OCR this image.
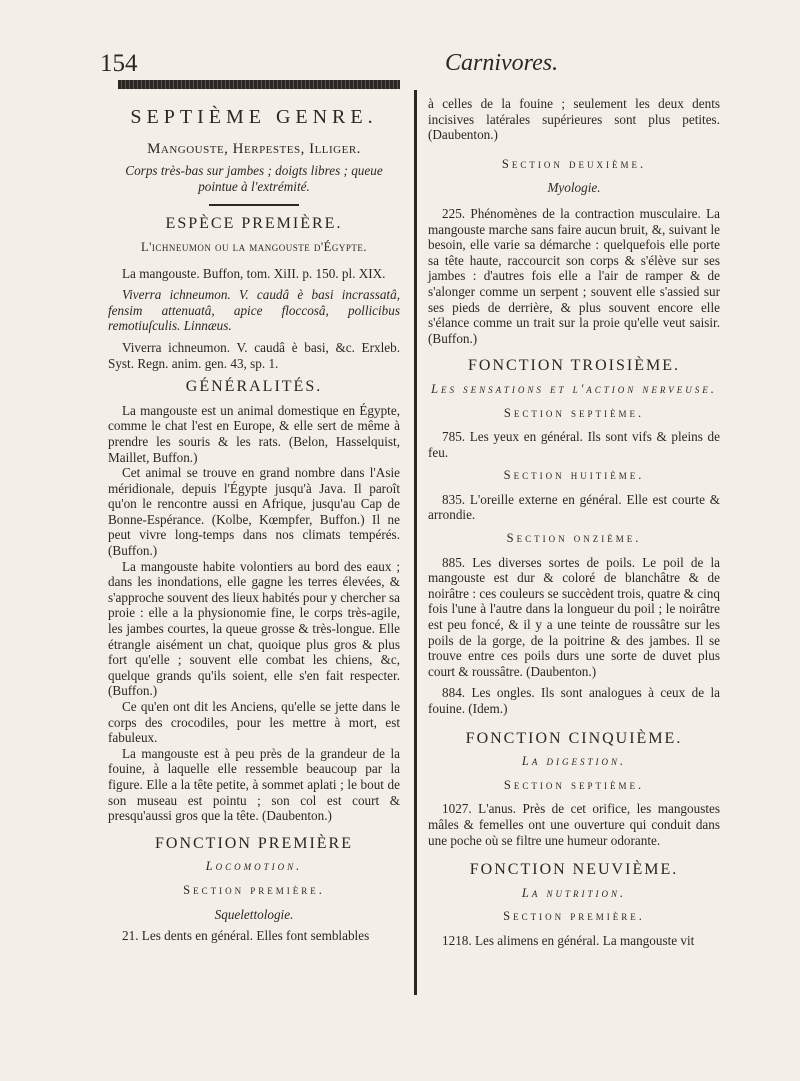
154	Carnivores.
SEPTIÈME GENRE.

Mangouste, Herpestes, Illiger.

Corps très-bas sur jambes ; doigts libres ; queue pointue à l'extrémité.

ESPÈCE PREMIÈRE.

L'ichneumon ou la mangouste d'Égypte.

La mangouste. Buffon, tom. XiII. p. 150. pl. XIX.

Viverra ichneumon. V. caudâ è basi incrassatâ, fensim attenuatâ, apice floccosâ, pollicibus remotiuſculis. Linnæus.

Viverra ichneumon. V. caudâ è basi, &c. Erxleb. Syst. Regn. anim. gen. 43, sp. 1.

GÉNÉRALITÉS.

La mangouste est un animal domestique en Égypte, comme le chat l'est en Europe, & elle sert de même à prendre les souris & les rats. (Belon, Hasselquist, Maillet, Buffon.)

Cet animal se trouve en grand nombre dans l'Asie méridionale, depuis l'Égypte jusqu'à Java. Il paroît qu'on le rencontre aussi en Afrique, jusqu'au Cap de Bonne-Espérance. (Kolbe, Kœmpfer, Buffon.) Il ne peut vivre long-temps dans nos climats tempérés. (Buffon.)

La mangouste habite volontiers au bord des eaux ; dans les inondations, elle gagne les terres élevées, & s'approche souvent des lieux habités pour y chercher sa proie : elle a la physionomie fine, le corps très-agile, les jambes courtes, la queue grosse & très-longue. Elle étrangle aisément un chat, quoique plus gros & plus fort qu'elle ; souvent elle combat les chiens, &c, quelque grands qu'ils soient, elle s'en fait respecter. (Buffon.)

Ce qu'en ont dit les Anciens, qu'elle se jette dans le corps des crocodiles, pour les mettre à mort, est fabuleux.

La mangouste est à peu près de la grandeur de la fouine, à laquelle elle ressemble beaucoup par la figure. Elle a la tête petite, à sommet aplati ; le bout de son museau est pointu ; son col est court & presqu'aussi gros que la tête. (Daubenton.)

FONCTION PREMIÈRE
Locomotion.
Section première.

Squelettologie.

21. Les dents en général. Elles font semblables

à celles de la fouine ; seulement les deux dents incisives latérales supérieures sont plus petites. (Daubenton.)

Section deuxième.

Myologie.

225. Phénomènes de la contraction musculaire. La mangouste marche sans faire aucun bruit, &, suivant le besoin, elle varie sa démarche : quelquefois elle porte sa tête haute, raccourcit son corps & s'élève sur ses jambes : d'autres fois elle a l'air de ramper & de s'alonger comme un serpent ; souvent elle s'assied sur ses pieds de derrière, & plus souvent encore elle s'élance comme un trait sur la proie qu'elle veut saisir. (Buffon.)

FONCTION TROISIÈME.
Les sensations et l'action nerveuse.
Section septième.

785. Les yeux en général. Ils sont vifs & pleins de feu.

Section huitième.

835. L'oreille externe en général. Elle est courte & arrondie.

Section onzième.

885. Les diverses sortes de poils. Le poil de la mangouste est dur & coloré de blanchâtre & de noirâtre : ces couleurs se succèdent trois, quatre & cinq fois l'une à l'autre dans la longueur du poil ; le noirâtre est peu foncé, & il y a une teinte de roussâtre sur les poils de la gorge, de la poitrine & des jambes. Il se trouve entre ces poils durs une sorte de duvet plus court & roussâtre. (Daubenton.)

884. Les ongles. Ils sont analogues à ceux de la fouine. (Idem.)

FONCTION CINQUIÈME.
La digestion.
Section septième.

1027. L'anus. Près de cet orifice, les mangoustes mâles & femelles ont une ouverture qui conduit dans une poche où se filtre une humeur odorante.

FONCTION NEUVIÈME.
La nutrition.
Section première.

1218. Les alimens en général. La mangouste vit
